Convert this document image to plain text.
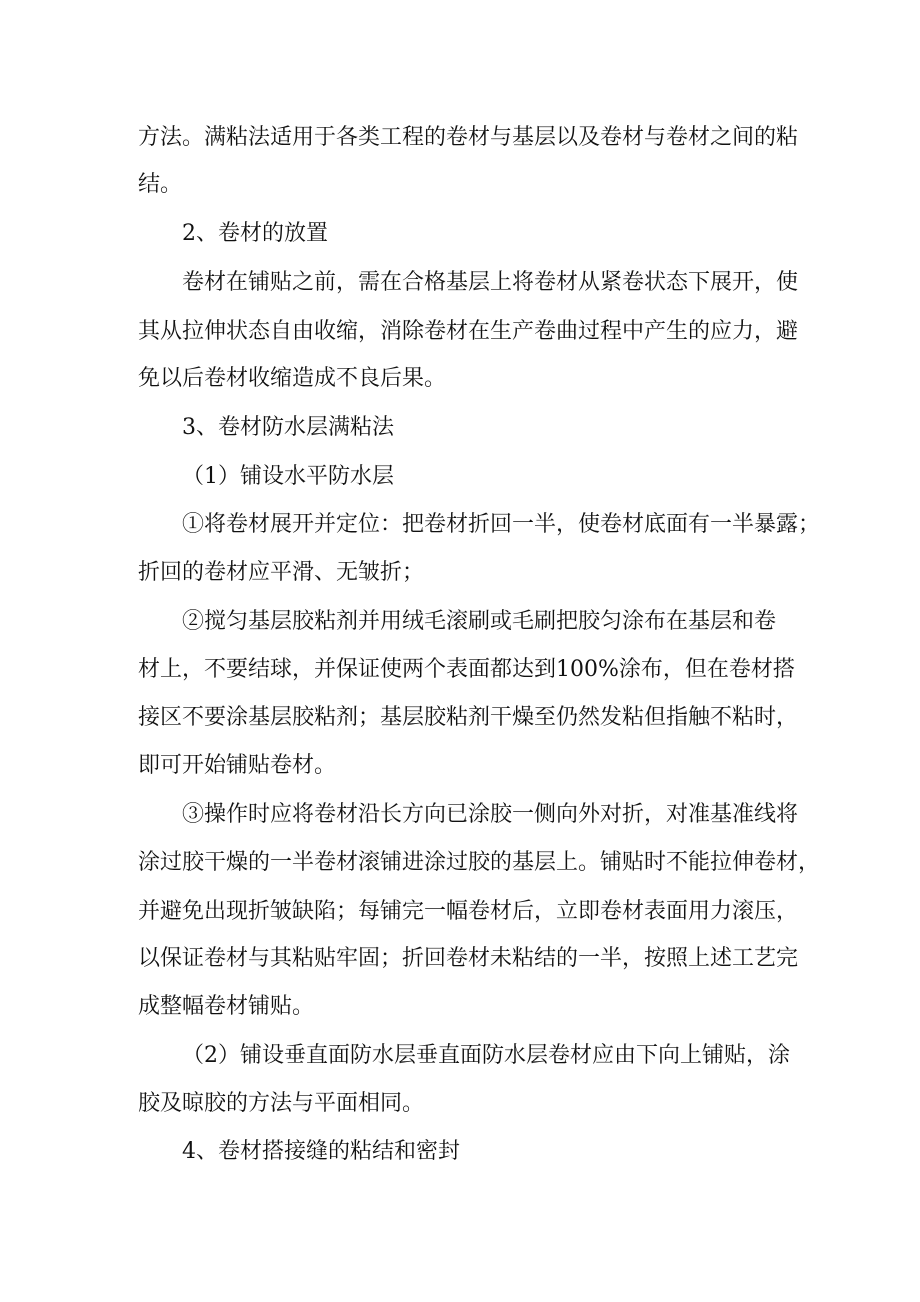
方法。满粘法适用于各类工程的卷材与基层以及卷材与卷材之间的粘
结。
2、卷材的放置
卷材在铺贴之前，需在合格基层上将卷材从紧卷状态下展开，使
其从拉伸状态自由收缩，消除卷材在生产卷曲过程中产生的应力，避
免以后卷材收缩造成不良后果。
3、卷材防水层满粘法
（1）铺设水平防水层
①将卷材展开并定位：把卷材折回一半，使卷材底面有一半暴露；
折回的卷材应平滑、无皱折；
②搅匀基层胶粘剂并用绒毛滚刷或毛刷把胶匀涂布在基层和卷
材上，不要结球，并保证使两个表面都达到100%涂布，但在卷材搭
接区不要涂基层胶粘剂；基层胶粘剂干燥至仍然发粘但指触不粘时，
即可开始铺贴卷材。
③操作时应将卷材沿长方向已涂胶一侧向外对折，对准基准线将
涂过胶干燥的一半卷材滚铺进涂过胶的基层上。铺贴时不能拉伸卷材，
并避免出现折皱缺陷；每铺完一幅卷材后，立即卷材表面用力滚压，
以保证卷材与其粘贴牢固；折回卷材未粘结的一半，按照上述工艺完
成整幅卷材铺贴。
（2）铺设垂直面防水层垂直面防水层卷材应由下向上铺贴，涂
胶及晾胶的方法与平面相同。
4、卷材搭接缝的粘结和密封
